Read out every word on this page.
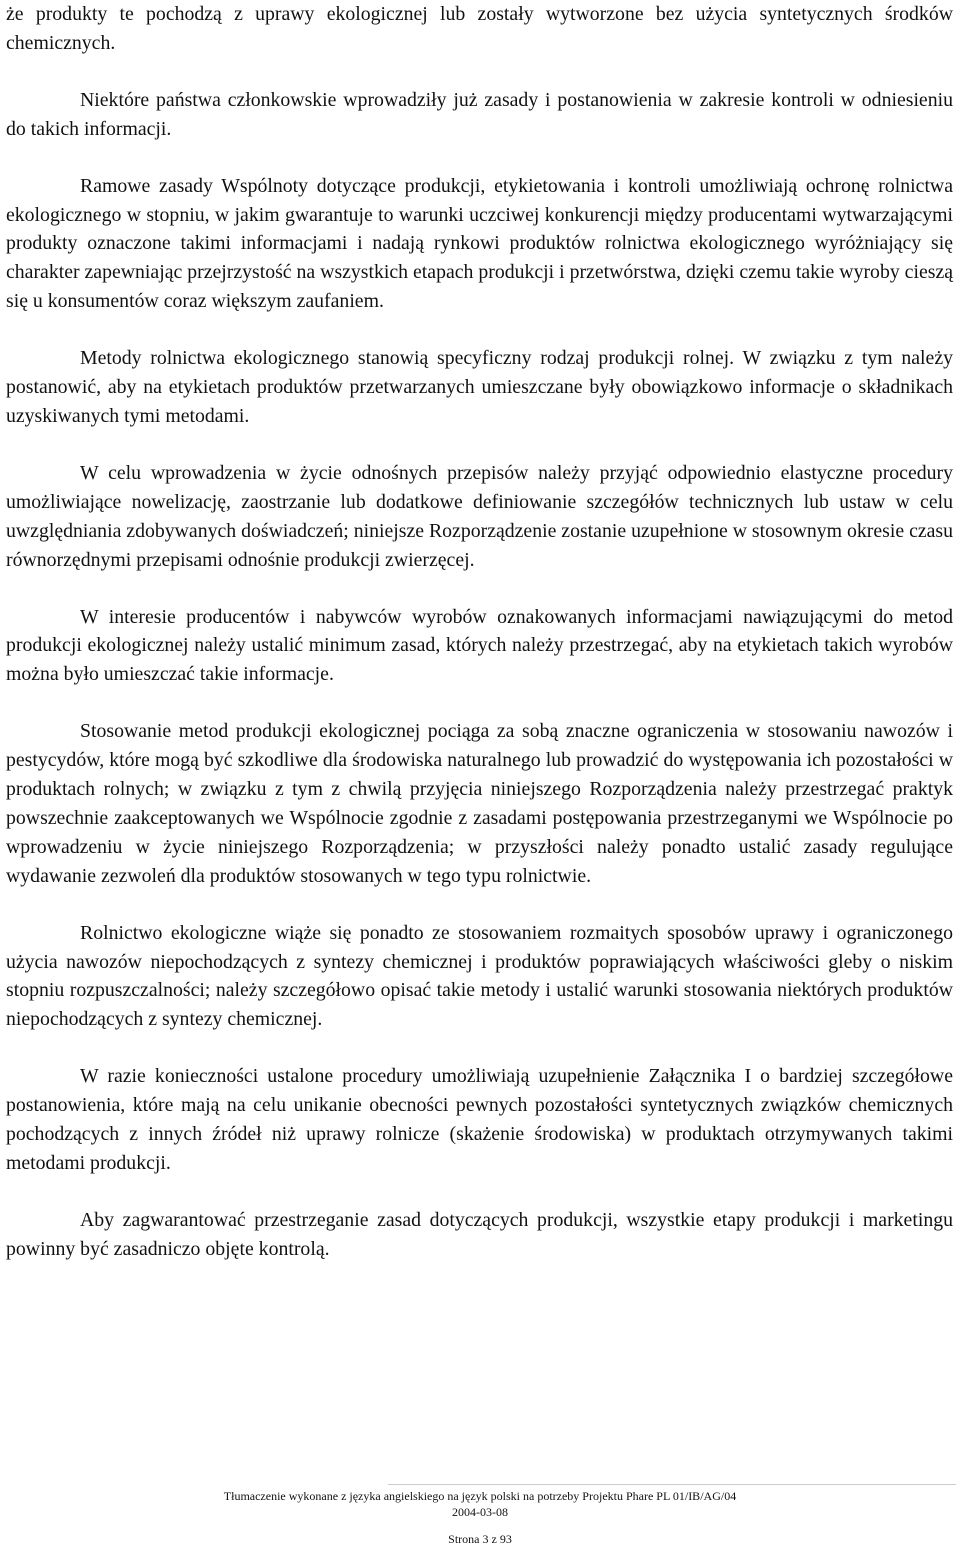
że produkty te pochodzą z uprawy ekologicznej lub zostały wytworzone bez użycia syntetycznych środków chemicznych.

Niektóre państwa członkowskie wprowadziły już zasady i postanowienia w zakresie kontroli w odniesieniu do takich informacji.

Ramowe zasady Wspólnoty dotyczące produkcji, etykietowania i kontroli umożliwiają ochronę rolnictwa ekologicznego w stopniu, w jakim gwarantuje to warunki uczciwej konkurencji między producentami wytwarzającymi produkty oznaczone takimi informacjami i nadają rynkowi produktów rolnictwa ekologicznego wyróżniający się charakter zapewniając przejrzystość na wszystkich etapach produkcji i przetwórstwa, dzięki czemu takie wyroby cieszą się u konsumentów coraz większym zaufaniem.

Metody rolnictwa ekologicznego stanowią specyficzny rodzaj produkcji rolnej. W związku z tym należy postanowić, aby na etykietach produktów przetwarzanych umieszczane były obowiązkowo informacje o składnikach uzyskiwanych tymi metodami.

W celu wprowadzenia w życie odnośnych przepisów należy przyjąć odpowiednio elastyczne procedury umożliwiające nowelizację, zaostrzanie lub dodatkowe definiowanie szczegółów technicznych lub ustaw w celu uwzględniania zdobywanych doświadczeń; niniejsze Rozporządzenie zostanie uzupełnione w stosownym okresie czasu równorzędnymi przepisami odnośnie produkcji zwierzęcej.

W interesie producentów i nabywców wyrobów oznakowanych informacjami nawiązującymi do metod produkcji ekologicznej należy ustalić minimum zasad, których należy przestrzegać, aby na etykietach takich wyrobów można było umieszczać takie informacje.

Stosowanie metod produkcji ekologicznej pociąga za sobą znaczne ograniczenia w stosowaniu nawozów i pestycydów, które mogą być szkodliwe dla środowiska naturalnego lub prowadzić do występowania ich pozostałości w produktach rolnych; w związku z tym z chwilą przyjęcia niniejszego Rozporządzenia należy przestrzegać praktyk powszechnie zaakceptowanych we Wspólnocie zgodnie z zasadami postępowania przestrzeganymi we Wspólnocie po wprowadzeniu w życie niniejszego Rozporządzenia; w przyszłości należy ponadto ustalić zasady regulujące wydawanie zezwoleń dla produktów stosowanych w tego typu rolnictwie.

Rolnictwo ekologiczne wiąże się ponadto ze stosowaniem rozmaitych sposobów uprawy i ograniczonego użycia nawozów niepochodzących z syntezy chemicznej i produktów poprawiających właściwości gleby o niskim stopniu rozpuszczalności; należy szczegółowo opisać takie metody i ustalić warunki stosowania niektórych produktów niepochodzących z syntezy chemicznej.

W razie konieczności ustalone procedury umożliwiają uzupełnienie Załącznika I o bardziej szczegółowe postanowienia, które mają na celu unikanie obecności pewnych pozostałości syntetycznych związków chemicznych pochodzących z innych źródeł niż uprawy rolnicze (skażenie środowiska) w produktach otrzymywanych takimi metodami produkcji.

Aby zagwarantować przestrzeganie zasad dotyczących produkcji, wszystkie etapy produkcji i marketingu powinny być zasadniczo objęte kontrolą.

Tłumaczenie wykonane z języka angielskiego na język polski na potrzeby Projektu Phare PL 01/IB/AG/04
2004-03-08
Strona 3 z 93
